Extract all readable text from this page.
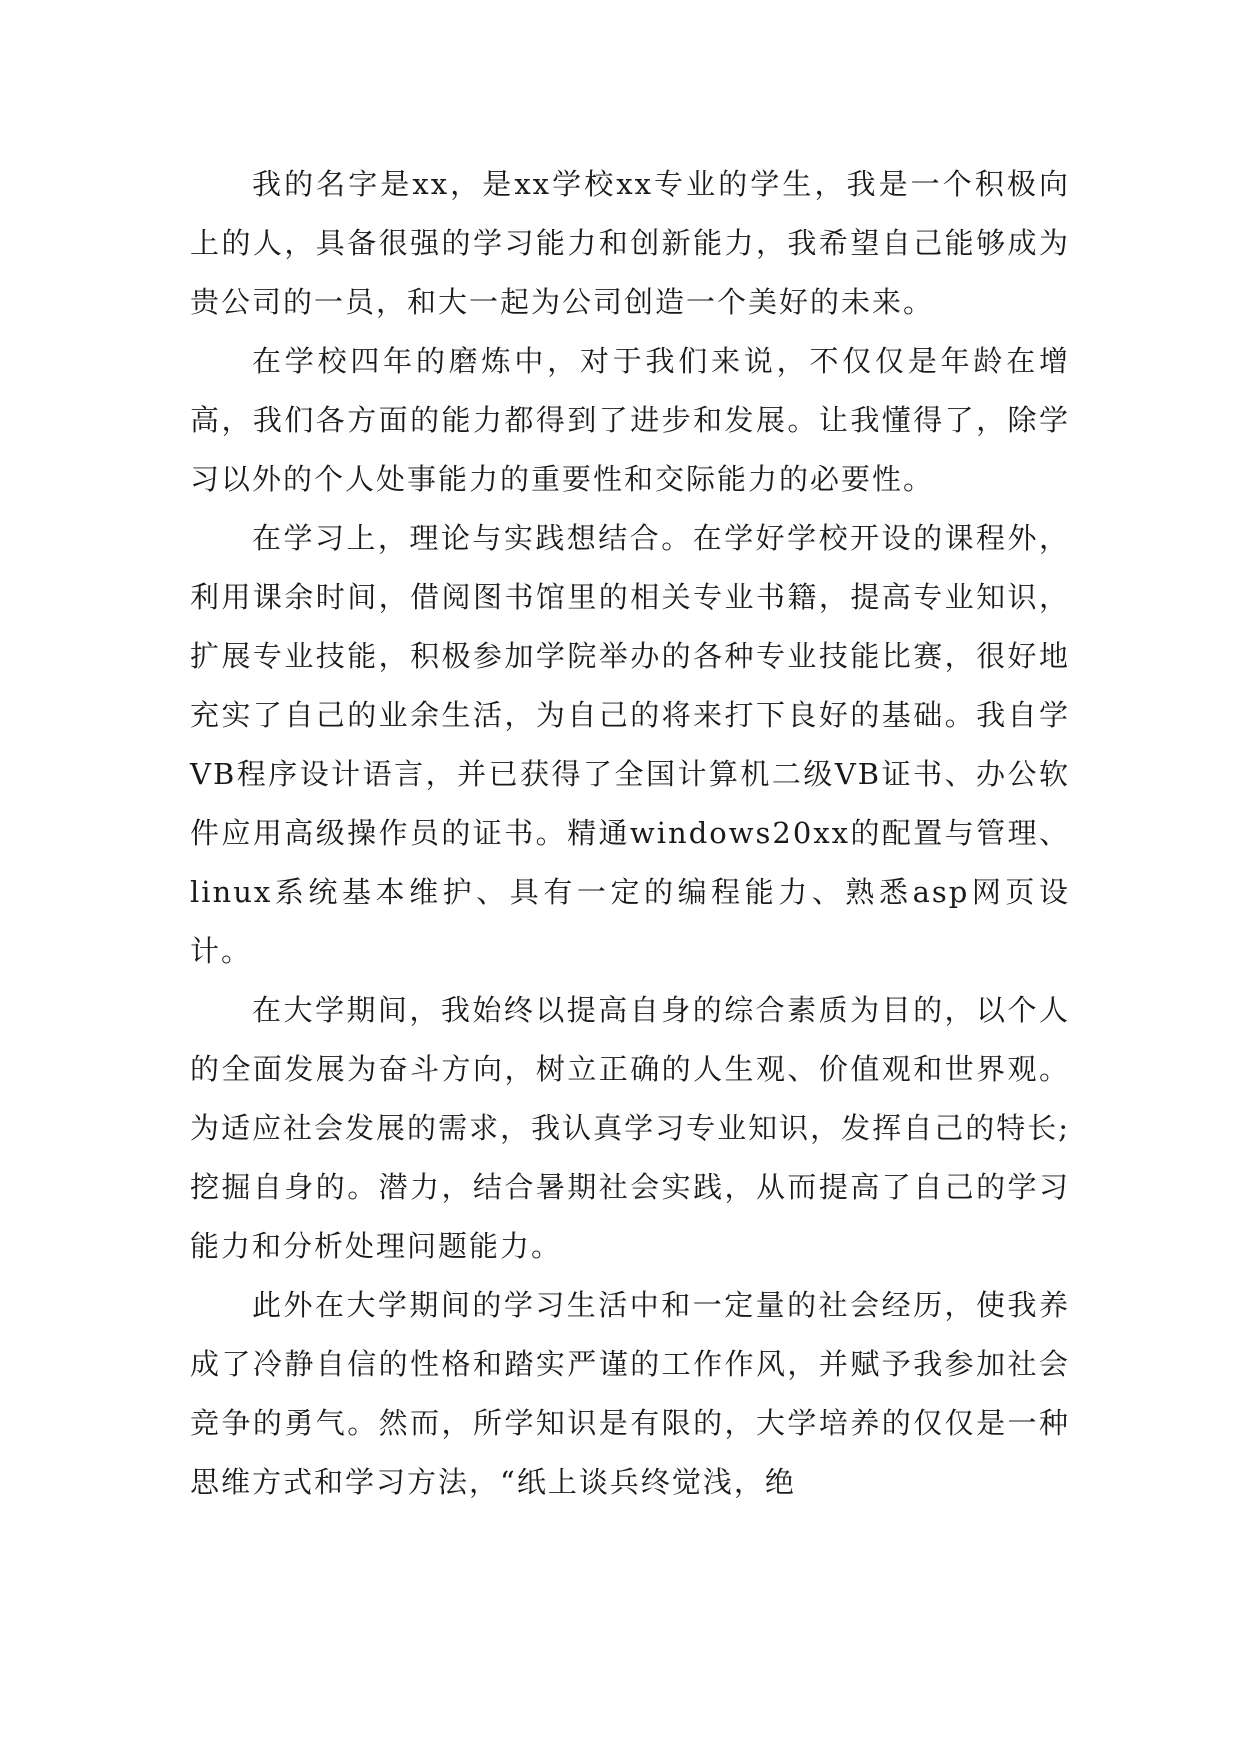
我的名字是xx，是xx学校xx专业的学生，我是一个积极向上的人，具备很强的学习能力和创新能力，我希望自己能够成为贵公司的一员，和大一起为公司创造一个美好的未来。

在学校四年的磨炼中，对于我们来说，不仅仅是年龄在增高，我们各方面的能力都得到了进步和发展。让我懂得了，除学习以外的个人处事能力的重要性和交际能力的必要性。

在学习上，理论与实践想结合。在学好学校开设的课程外，利用课余时间，借阅图书馆里的相关专业书籍，提高专业知识，扩展专业技能，积极参加学院举办的各种专业技能比赛，很好地充实了自己的业余生活，为自己的将来打下良好的基础。我自学VB程序设计语言，并已获得了全国计算机二级VB证书、办公软件应用高级操作员的证书。精通windows20xx的配置与管理、linux系统基本维护、具有一定的编程能力、熟悉asp网页设计。

在大学期间，我始终以提高自身的综合素质为目的，以个人的全面发展为奋斗方向，树立正确的人生观、价值观和世界观。为适应社会发展的需求，我认真学习专业知识，发挥自己的特长;挖掘自身的。潜力，结合暑期社会实践，从而提高了自己的学习能力和分析处理问题能力。

此外在大学期间的学习生活中和一定量的社会经历，使我养成了冷静自信的性格和踏实严谨的工作作风，并赋予我参加社会竞争的勇气。然而，所学知识是有限的，大学培养的仅仅是一种思维方式和学习方法，“纸上谈兵终觉浅，绝
